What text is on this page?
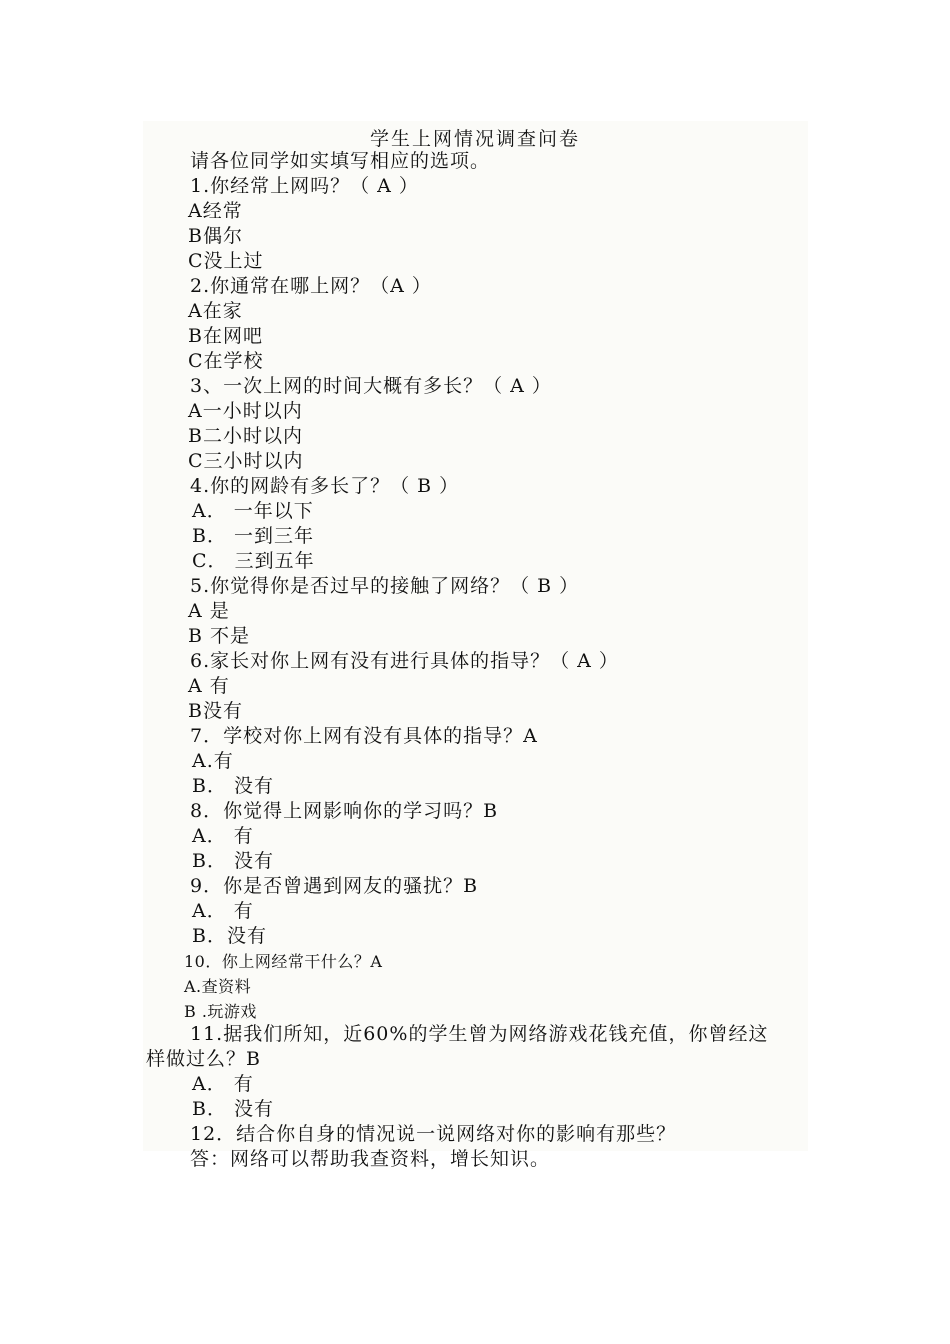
学生上网情况调查问卷
请各位同学如实填写相应的选项。
1.你经常上网吗？（ A ）
A经常
B偶尔
C没上过
2.你通常在哪上网？（A ）
A在家
B在网吧
C在学校
3、一次上网的时间大概有多长？（ A ）
A一小时以内
B二小时以内
C三小时以内
4.你的网龄有多长了？（ B ）
A． 一年以下
B． 一到三年
C． 三到五年
5.你觉得你是否过早的接触了网络？（ B ）
A 是
B 不是
6.家长对你上网有没有进行具体的指导？（ A ）
A 有
B没有
7．学校对你上网有没有具体的指导？A
A.有
B． 没有
8．你觉得上网影响你的学习吗？B
A． 有
B． 没有
9．你是否曾遇到网友的骚扰？B
A． 有
B．没有
10．你上网经常干什么？A
A.查资料
B .玩游戏
11.据我们所知，近60%的学生曾为网络游戏花钱充值，你曾经这
样做过么？B
A． 有
B． 没有
12．结合你自身的情况说一说网络对你的影响有那些？
答：网络可以帮助我查资料，增长知识。
